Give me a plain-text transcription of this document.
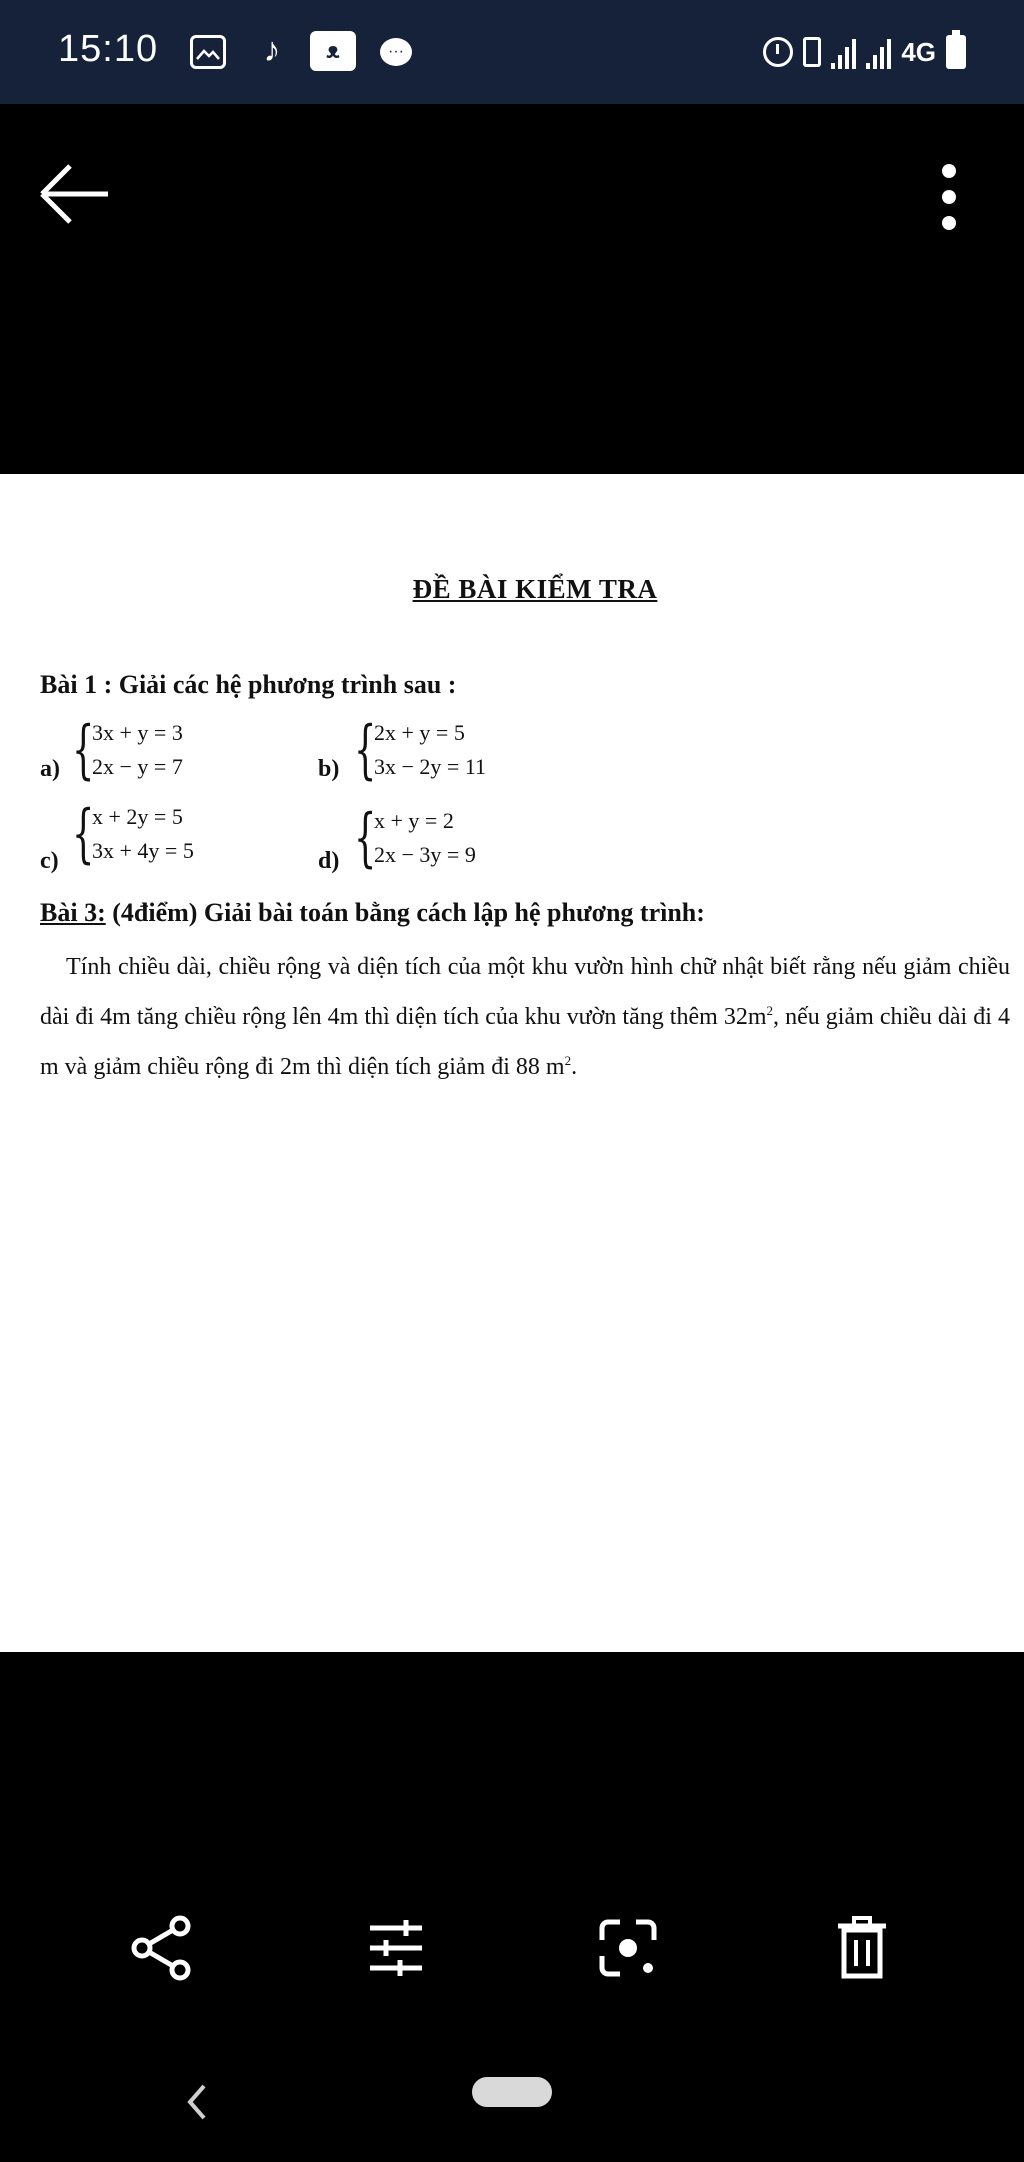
15:10	♪	ᴥ	···	4G
ĐỀ BÀI KIỂM TRA
Bài 1 : Giải các hệ phương trình sau :
a) {
3x + y = 3
2x − y = 7	b) {
2x + y = 5
3x − 2y = 11
c) {
x + 2y = 5
3x + 4y = 5	d) {
x + y = 2
2x − 3y = 9
Bài 3: (4điểm) Giải bài toán bằng cách lập hệ phương trình:
Tính chiều dài, chiều rộng và diện tích của một khu vườn hình chữ nhật biết rằng nếu giảm chiều dài đi 4m tăng chiều rộng lên 4m thì diện tích của khu vườn tăng thêm $32m^2$, nếu giảm chiều dài đi 4 m và giảm chiều rộng đi 2m thì diện tích giảm đi 88 $m^2$.
